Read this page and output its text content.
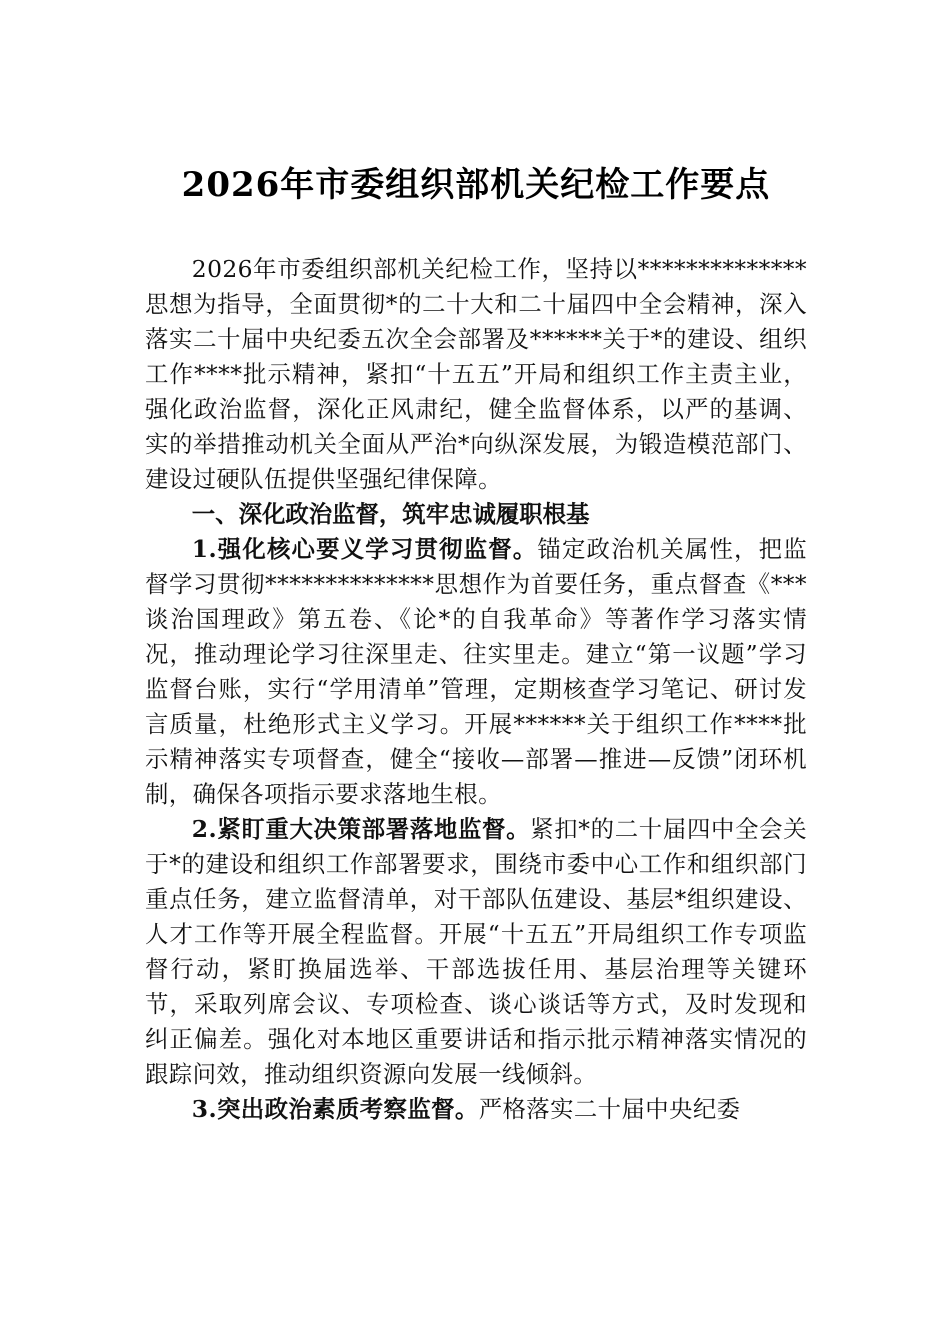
2026年市委组织部机关纪检工作要点

2026年市委组织部机关纪检工作，坚持以**************思想为指导，全面贯彻*的二十大和二十届四中全会精神，深入落实二十届中央纪委五次全会部署及******关于*的建设、组织工作****批示精神，紧扣“十五五”开局和组织工作主责主业，强化政治监督，深化正风肃纪，健全监督体系，以严的基调、实的举措推动机关全面从严治*向纵深发展，为锻造模范部门、建设过硬队伍提供坚强纪律保障。

一、深化政治监督，筑牢忠诚履职根基

1.强化核心要义学习贯彻监督。锚定政治机关属性，把监督学习贯彻**************思想作为首要任务，重点督查《***谈治国理政》第五卷、《论*的自我革命》等著作学习落实情况，推动理论学习往深里走、往实里走。建立“第一议题”学习监督台账，实行“学用清单”管理，定期核查学习笔记、研讨发言质量，杜绝形式主义学习。开展******关于组织工作****批示精神落实专项督查，健全“接收—部署—推进—反馈”闭环机制，确保各项指示要求落地生根。

2.紧盯重大决策部署落地监督。紧扣*的二十届四中全会关于*的建设和组织工作部署要求，围绕市委中心工作和组织部门重点任务，建立监督清单，对干部队伍建设、基层*组织建设、人才工作等开展全程监督。开展“十五五”开局组织工作专项监督行动，紧盯换届选举、干部选拔任用、基层治理等关键环节，采取列席会议、专项检查、谈心谈话等方式，及时发现和纠正偏差。强化对本地区重要讲话和指示批示精神落实情况的跟踪问效，推动组织资源向发展一线倾斜。

3.突出政治素质考察监督。严格落实二十届中央纪委
